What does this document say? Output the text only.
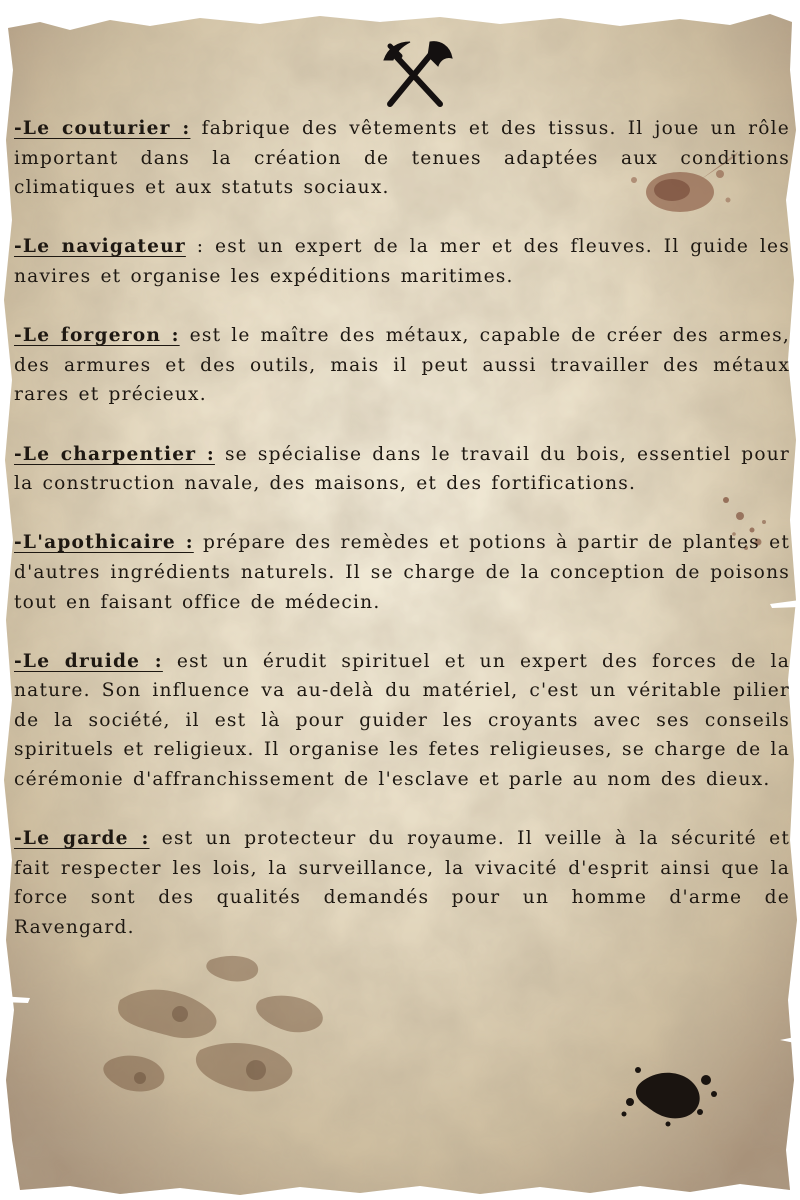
-Le couturier : fabrique des vêtements et des tissus. Il joue un rôle important dans la création de tenues adaptées aux conditions climatiques et aux statuts sociaux.

-Le navigateur : est un expert de la mer et des fleuves. Il guide les navires et organise les expéditions maritimes.

-Le forgeron : est le maître des métaux, capable de créer des armes, des armures et des outils, mais il peut aussi travailler des métaux rares et précieux.

-Le charpentier : se spécialise dans le travail du bois, essentiel pour la construction navale, des maisons, et des fortifications.

-L'apothicaire : prépare des remèdes et potions à partir de plantes et d'autres ingrédients naturels. Il se charge de la conception de poisons tout en faisant office de médecin.

-Le druide : est un érudit spirituel et un expert des forces de la nature. Son influence va au-delà du matériel, c'est un véritable pilier de la société, il est là pour guider les croyants avec ses conseils spirituels et religieux. Il organise les fetes religieuses, se charge de la cérémonie d'affranchissement de l'esclave et parle au nom des dieux.

-Le garde : est un protecteur du royaume. Il veille à la sécurité et fait respecter les lois, la surveillance, la vivacité d'esprit ainsi que la force sont des qualités demandés pour un homme d'arme de Ravengard.
